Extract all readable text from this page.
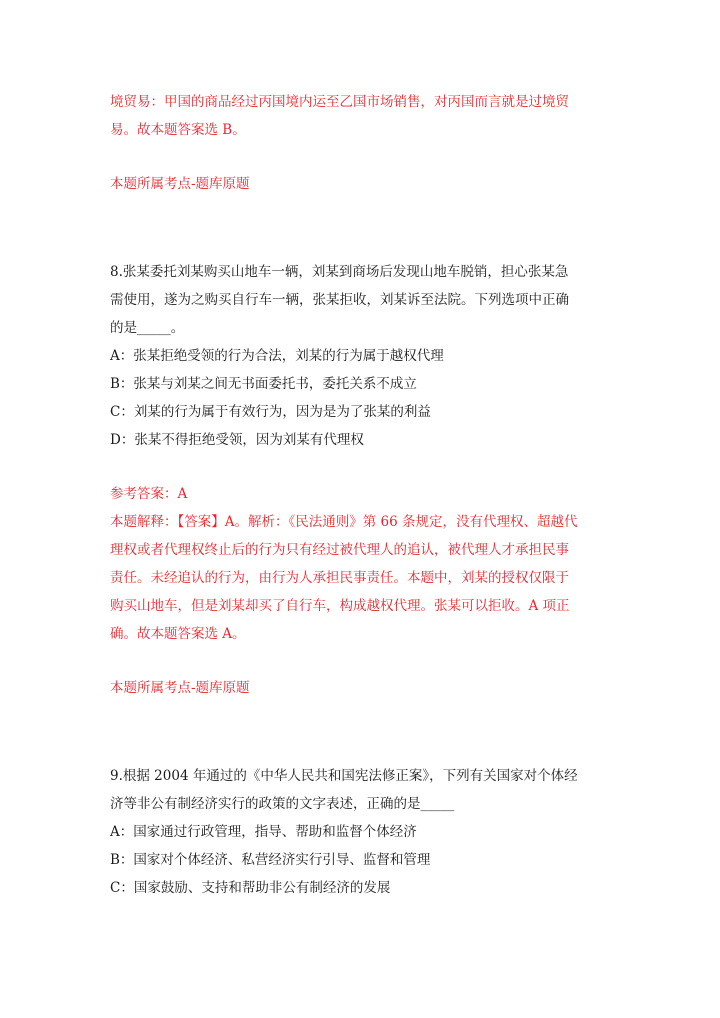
境贸易：甲国的商品经过丙国境内运至乙国市场销售，对丙国而言就是过境贸
易。故本题答案选 B。
本题所属考点-题库原题
8.张某委托刘某购买山地车一辆，刘某到商场后发现山地车脱销，担心张某急
需使用，遂为之购买自行车一辆，张某拒收，刘某诉至法院。下列选项中正确
的是_____。
A：张某拒绝受领的行为合法，刘某的行为属于越权代理
B：张某与刘某之间无书面委托书，委托关系不成立
C：刘某的行为属于有效行为，因为是为了张某的利益
D：张某不得拒绝受领，因为刘某有代理权
参考答案：A
本题解释：【答案】A。解析：《民法通则》第 66 条规定，没有代理权、超越代
理权或者代理权终止后的行为只有经过被代理人的追认，被代理人才承担民事
责任。未经追认的行为，由行为人承担民事责任。本题中，刘某的授权仅限于
购买山地车，但是刘某却买了自行车，构成越权代理。张某可以拒收。A 项正
确。故本题答案选 A。
本题所属考点-题库原题
9.根据 2004 年通过的《中华人民共和国宪法修正案》，下列有关国家对个体经
济等非公有制经济实行的政策的文字表述，正确的是_____
A：国家通过行政管理，指导、帮助和监督个体经济
B：国家对个体经济、私营经济实行引导、监督和管理
C：国家鼓励、支持和帮助非公有制经济的发展
